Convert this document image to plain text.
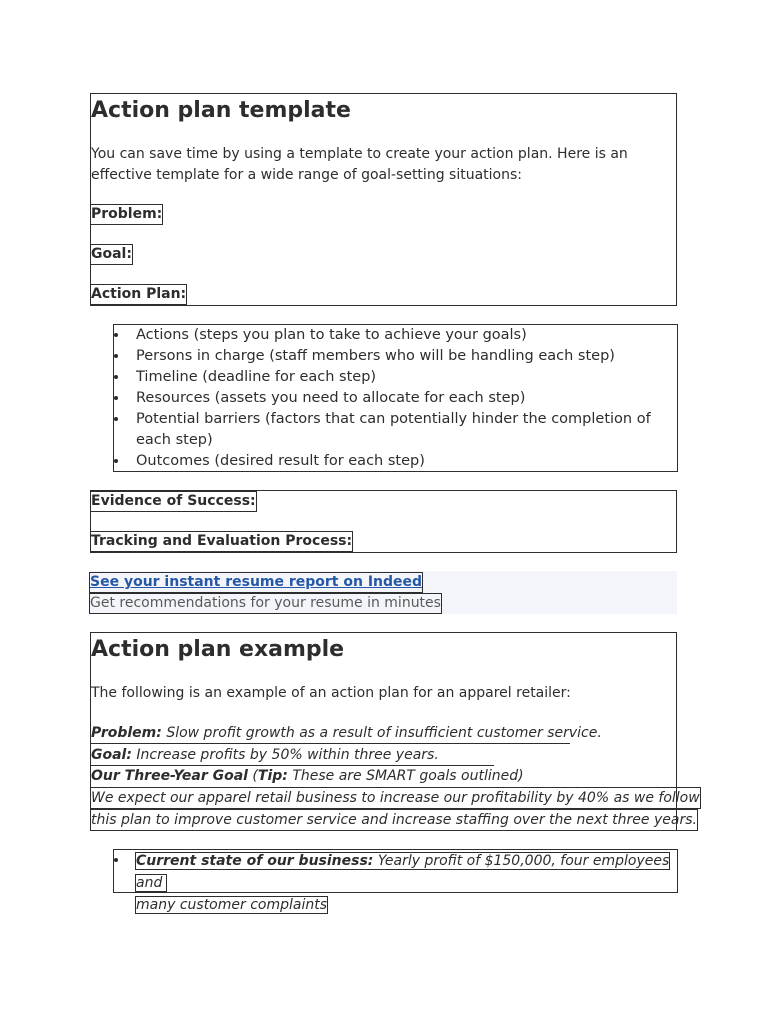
Action plan template

You can save time by using a template to create your action plan. Here is an effective template for a wide range of goal-setting situations:

Problem:
Goal:
Action Plan:
Actions (steps you plan to take to achieve your goals)
Persons in charge (staff members who will be handling each step)
Timeline (deadline for each step)
Resources (assets you need to allocate for each step)
Potential barriers (factors that can potentially hinder the completion of each step)
Outcomes (desired result for each step)
Evidence of Success:
Tracking and Evaluation Process:
See your instant resume report on Indeed
Get recommendations for your resume in minutes
Action plan example

The following is an example of an action plan for an apparel retailer:

Problem: Slow profit growth as a result of insufficient customer service.
Goal: Increase profits by 50% within three years.
Our Three-Year Goal (Tip: These are SMART goals outlined)
We expect our apparel retail business to increase our profitability by 40% as we follow
this plan to improve customer service and increase staffing over the next three years.
Current state of our business: Yearly profit of $150,000, four employees and
many customer complaints
